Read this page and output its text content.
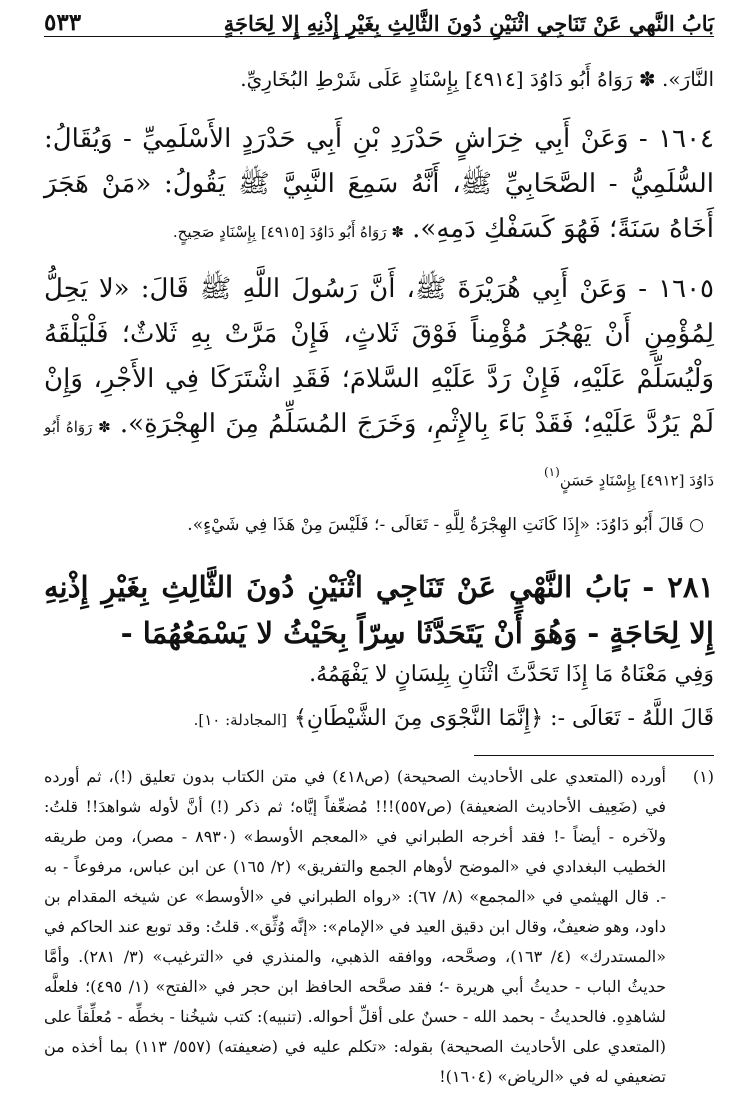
بَابُ النَّهي عَنْ تَنَاجِي اثْنَيْنِ دُونَ الثَّالِثِ بِغَيْرِ إِذْنِهِ إِلا لِحَاجَةٍ
٥٣٣

النَّارَ». ✽ رَوَاهُ أَبُو دَاوُدَ [٤٩١٤] بِإِسْنَادٍ عَلَى شَرْطِ البُخَارِيِّ.

١٦٠٤ - وَعَنْ أَبِي خِرَاشٍ حَدْرَدِ بْنِ أَبِي حَدْرَدٍ الأَسْلَمِيِّ - وَيُقَالُ: السُّلَمِيُّ - الصَّحَابِيِّ ﷺ، أَنَّهُ سَمِعَ النَّبِيَّ ﷺ يَقُولُ: «مَنْ هَجَرَ أَخَاهُ سَنَةً؛ فَهُوَ كَسَفْكِ دَمِهِ». ✽ رَوَاهُ أَبُو دَاوُدَ [٤٩١٥] بِإِسْنَادٍ صَحِيحٍ.

١٦٠٥ - وَعَنْ أَبِي هُرَيْرَةَ ﷺ، أَنَّ رَسُولَ اللَّهِ ﷺ قَالَ: «لا يَحِلُّ لِمُؤْمِنٍ أَنْ يَهْجُرَ مُؤْمِناً فَوْقَ ثَلاثٍ، فَإِنْ مَرَّتْ بِهِ ثَلاثٌ؛ فَلْيَلْقَهُ وَلْيُسَلِّمْ عَلَيْهِ، فَإِنْ رَدَّ عَلَيْهِ السَّلامَ؛ فَقَدِ اشْتَرَكَا فِي الأَجْرِ، وَإِنْ لَمْ يَرُدَّ عَلَيْهِ؛ فَقَدْ بَاءَ بِالإِثْمِ، وَخَرَجَ المُسَلِّمُ مِنَ الهِجْرَةِ». ✽ رَوَاهُ أَبُو دَاوُدَ [٤٩١٢] بِإِسْنَادٍ حَسَنٍ$^{(١)}$

○ قَالَ أَبُو دَاوُدَ: «إِذَا كَانَتِ الهِجْرَةُ لِلَّهِ - تَعَالَى -؛ فَلَيْسَ مِنْ هَذَا فِي شَيْءٍ».

٢٨١ - بَابُ النَّهْيِ عَنْ تَنَاجِي اثْنَيْنِ دُونَ الثَّالِثِ بِغَيْرِ إِذْنِهِ إِلا لِحَاجَةٍ - وَهُوَ أَنْ يَتَحَدَّثَا سِرّاً بِحَيْثُ لا يَسْمَعُهُمَا -

وَفِي مَعْنَاهُ مَا إِذَا تَحَدَّثَ اثْنَانِ بِلِسَانٍ لا يَفْهَمُهُ.

قَالَ اللَّهُ - تَعَالَى -: ﴿إِنَّمَا النَّجْوَى مِنَ الشَّيْطَانِ﴾ [المجادلة: ١٠].

(١)
أورده (المتعدي على الأحاديث الصحيحة) (ص٤١٨) في متن الكتاب بدون تعليق (!)، ثم أورده في (ضَعِيف الأحاديث الضعيفة) (ص٥٥٧)!!! مُضعِّفاً إيَّاه؛ ثم ذكر (!) أنَّ لأوله شواهدَ!! قلتُ: ولآخره - أيضاً -! فقد أخرجه الطبراني في «المعجم الأوسط» (٨٩٣٠ - مصر)، ومن طريقه الخطيب البغدادي في «الموضح لأوهام الجمع والتفريق» (٢/ ١٦٥) عن ابن عباس، مرفوعاً - به -. قال الهيثمي في «المجمع» (٨/ ٦٧): «رواه الطبراني في «الأوسط» عن شيخه المقدام بن داود، وهو ضعيفٌ، وقال ابن دقيق العيد في «الإمام»: «إنَّه وُثِّق». قلتُ: وقد توبع عند الحاكم في «المستدرك» (٤/ ١٦٣)، وصحَّحه، ووافقه الذهبي، والمنذري في «الترغيب» (٣/ ٢٨١). وأمَّا حديثُ الباب - حديثُ أبي هريرة -؛ فقد صحَّحه الحافظ ابن حجر في «الفتح» (١/ ٤٩٥)؛ فلعلَّه لشاهدِهِ. فالحديثُ - بحمد الله - حسنٌ على أقلِّ أحواله. (تنبيه): كتب شيخُنا - بخطِّه - مُعلِّقاً على (المتعدي على الأحاديث الصحيحة) بقوله: «تكلم عليه في (ضعيفته) (٥٥٧/ ١١٣) بما أخذه من تضعيفي له في «الرياض» (١٦٠٤)!
